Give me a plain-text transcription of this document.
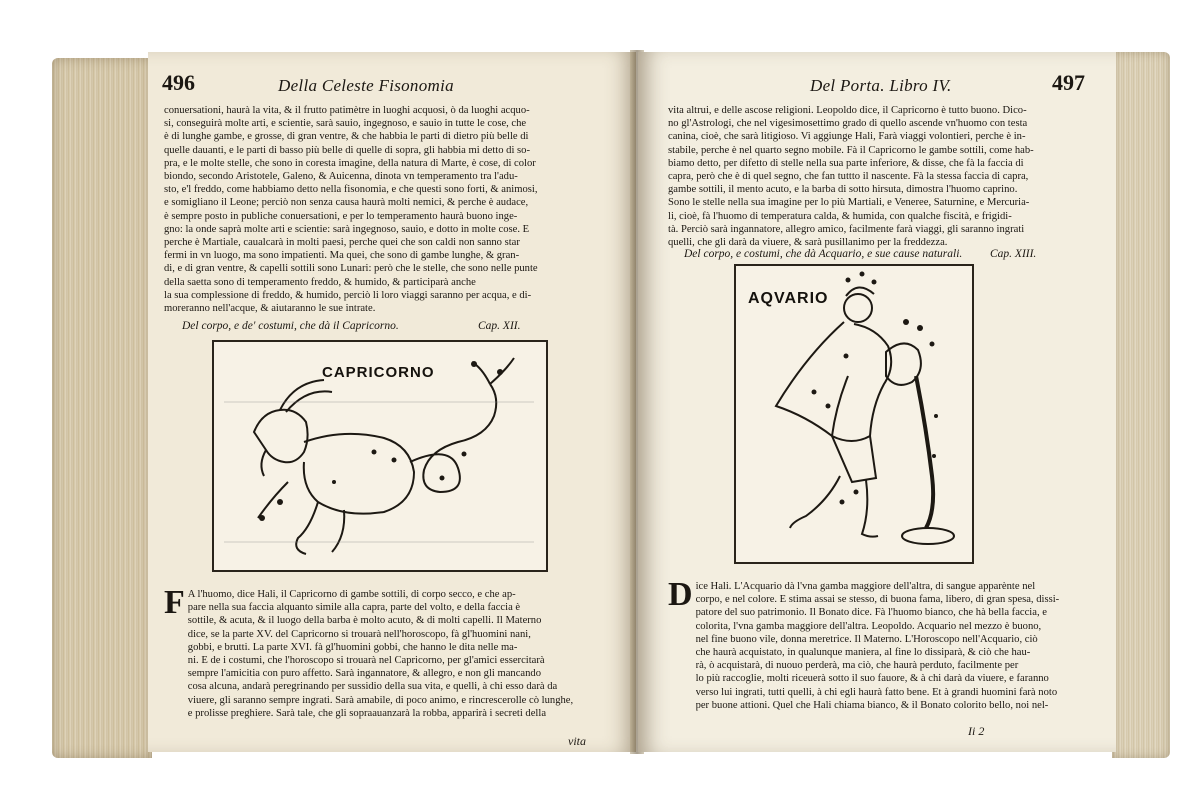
496	Della Celeste Fisonomia
conuersationi, haurà la vita, & il frutto patimètre in luoghi acquosi, ò da luoghi acquo-
si, conseguirà molte arti, e scientie, sarà sauio, ingegnoso, e sauio in tutte le cose, che
è di lunghe gambe, e grosse, di gran ventre, & che habbia le parti di dietro più belle di
quelle dauanti, e le parti di basso più belle di quelle di sopra, gli habbia mi detto di so-
pra, e le molte stelle, che sono in coresta imagine, della natura di Marte, è cose, di color
biondo, secondo Aristotele, Galeno, & Auicenna, dinota vn temperamento tra l'adu-
sto, e'l freddo, come habbiamo detto nella fisonomia, e che questi sono forti, & animosi,
e somigliano il Leone; perciò non senza causa haurà molti nemici, & perche è audace,
è sempre posto in publiche conuersationi, e per lo temperamento haurà buono inge-
gno: la onde saprà molte arti e scientie: sarà ingegnoso, sauio, e dotto in molte cose. E
perche è Martiale, caualcarà in molti paesi, perche quei che son caldi non sanno star
fermi in vn luogo, ma sono impatienti. Ma quei, che sono di gambe lunghe, & gran-
di, e di gran ventre, & capelli sottili sono Lunari: però che le stelle, che sono nelle punte
della saetta sono di temperamento freddo, & humido, & participarà anche
la sua complessione di freddo, & humido, perciò li loro viaggi saranno per acqua, e di-
moreranno nell'acque, & aiutaranno le sue intrate.
Del corpo, e de' costumi, che dà il Capricorno.	Cap. XII.
CAPRICORNO
F A l'huomo, dice Hali, il Capricorno di gambe sottili, di corpo secco, e che ap-
pare nella sua faccia alquanto simile alla capra, parte del volto, e della faccia è
sottile, & acuta, & il luogo della barba è molto acuto, & di molti capelli. Il Materno
dice, se la parte XV. del Capricorno si trouarà nell'horoscopo, fà gl'huomini nani,
gobbi, e brutti. La parte XVI. fà gl'huomini gobbi, che hanno le dita nelle ma-
ni. E de i costumi, che l'horoscopo si trouarà nel Capricorno, per gl'amici essercitarà
sempre l'amicitia con puro affetto. Sarà ingannatore, & allegro, e non gli mancando
cosa alcuna, andarà peregrinando per sussidio della sua vita, e quelli, à chi esso darà da
viuere, gli saranno sempre ingrati. Sarà amabile, di poco animo, e rincrescerolle cò lunghe,
e prolisse preghiere. Sarà tale, che gli sopraauanzarà la robba, apparirà i secreti della
vita
Del Porta. Libro IV.	497
vita altrui, e delle ascose religioni. Leopoldo dice, il Capricorno è tutto buono. Dico-
no gl'Astrologi, che nel vigesimosettimo grado di quello ascende vn'huomo con testa
canina, cioè, che sarà litigioso. Vi aggiunge Hali, Farà viaggi volontieri, perche è in-
stabile, perche è nel quarto segno mobile. Fà il Capricorno le gambe sottili, come hab-
biamo detto, per difetto di stelle nella sua parte inferiore, & disse, che fà la faccia di
capra, però che è di quel segno, che fan tuttto il nascente. Fà la stessa faccia di capra,
gambe sottili, il mento acuto, e la barba di sotto hirsuta, dimostra l'huomo caprino.
Sono le stelle nella sua imagine per lo più Martiali, e Veneree, Saturnine, e Mercuria-
li, cioè, fà l'huomo di temperatura calda, & humida, con qualche fiscità, e frigidi-
tà. Perciò sarà ingannatore, allegro amico, facilmente farà viaggi, gli saranno ingrati
quelli, che gli darà da viuere, & sarà pusillanimo per la freddezza.
Del corpo, e costumi, che dà Acquario, e sue cause naturali. Cap. XIII.
AQVARIO
D ice Hali. L'Acquario dà l'vna gamba maggiore dell'altra, di sangue apparènte nel
corpo, e nel colore. E stima assai se stesso, di buona fama, libero, di gran spesa, dissi-
patore del suo patrimonio. Il Bonato dice. Fà l'huomo bianco, che hà bella faccia, e
colorita, l'vna gamba maggiore dell'altra. Leopoldo. Acquario nel mezzo è buono,
nel fine buono vile, donna meretrice. Il Materno. L'Horoscopo nell'Acquario, ciò
che haurà acquistato, in qualunque maniera, al fine lo dissiparà, & ciò che hau-
rà, ò acquistarà, di nuouo perderà, ma ciò, che haurà perduto, facilmente per
lo più raccoglie, molti riceuerà sotto il suo fauore, & à chi darà da viuere, e faranno
verso lui ingrati, tutti quelli, à chi egli haurà fatto bene. Et à grandi huomini farà noto
per buone attioni. Quel che Hali chiama bianco, & il Bonato colorito bello, noi nel-
Ii 2
